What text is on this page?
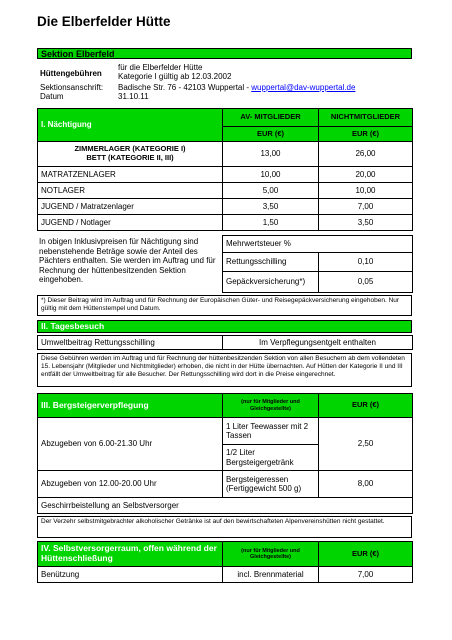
Die Elberfelder Hütte
Sektion Elberfeld
Hüttengebühren
für die Elberfelder Hütte
Kategorie I gültig ab 12.03.2002
Sektionsanschrift: Badische Str. 76 - 42103 Wuppertal - wuppertal@dav-wuppertal.de
Datum	31.10.11
I. Nächtigung	AV- MITGLIEDER	NICHTMITGLIEDER
	EUR (€)	EUR (€)

ZIMMERLAGER (KATEGORIE I)
BETT (KATEGORIE II, III)	13,00	26,00
MATRATZENLAGER	10,00	20,00
NOTLAGER	5,00	10,00
JUGEND / Matratzenlager	3,50	7,00
JUGEND / Notlager	1,50	3,50
In obigen Inklusivpreisen für Nächtigung sind nebenstehende Beträge sowie der Anteil des Pächters enthalten. Sie werden im Auftrag und für Rechnung der hüttenbesitzenden Sektion eingehoben.
Mehrwertsteuer %	
Rettungsschilling	0,10
Gepäckversicherung*)	0,05
*) Dieser Beitrag wird im Auftrag und für Rechnung der Europäischen Güter- und Reisegepäckversicherung eingehoben. Nur gültig mit dem Hüttenstempel und Datum.
II. Tagesbesuch
Umweltbeitrag Rettungsschilling	Im Verpflegungsentgelt enthalten
Diese Gebühren werden im Auftrag und für Rechnung der hüttenbesitzenden Sektion von allen Besuchern ab dem vollendeten 15. Lebensjahr (Mitglieder und Nichtmitglieder) erhoben, die nicht in der Hütte übernachten. Auf Hütten der Kategorie II und III entfällt der Umweltbeitrag für alle Besucher. Der Rettungsschilling wird dort in die Preise eingerechnet.
III. Bergsteigerverpflegung	(nur für Mitglieder und Gleichgestellte)	EUR (€)
Abzugeben von 6.00-21.30 Uhr	1 Liter Teewasser mit 2 Tassen	2,50
	1/2 Liter Bergsteigergetränk	
Abzugeben von 12.00-20.00 Uhr	Bergsteigeressen (Fertiggewicht 500 g)	8,00
Geschirrbeistellung an Selbstversorger		
Der Verzehr selbstmitgebrachter alkoholischer Getränke ist auf den bewirtschafteten Alpenvereinshütten nicht gestattet.
IV. Selbstversorgerraum, offen während der Hüttenschließung	(nur für Mitglieder und Gleichgestellte)	EUR (€)
Benützung	incl. Brennmaterial	7,00
